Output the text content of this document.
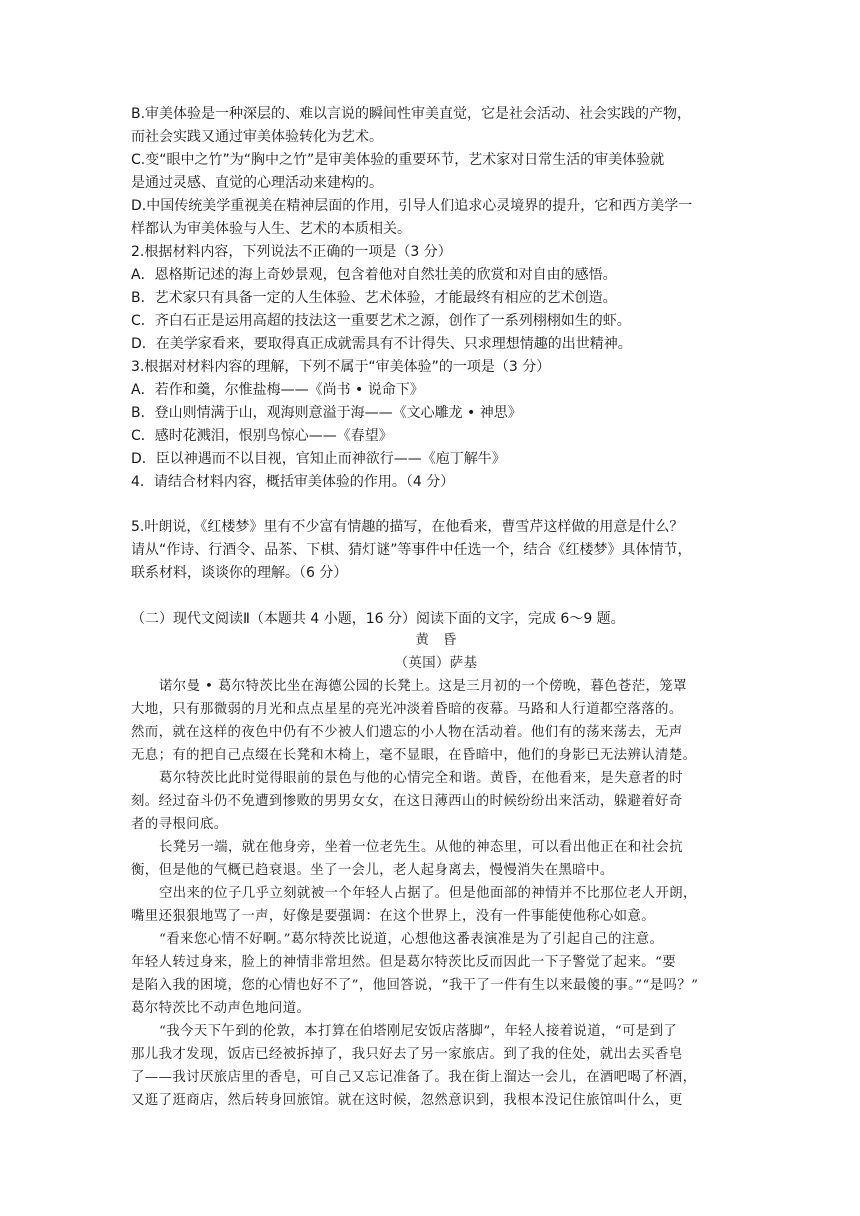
B.审美体验是一种深层的、难以言说的瞬间性审美直觉，它是社会活动、社会实践的产物，
而社会实践又通过审美体验转化为艺术。
C.变“眼中之竹”为“胸中之竹”是审美体验的重要环节，艺术家对日常生活的审美体验就
是通过灵感、直觉的心理活动来建构的。
D.中国传统美学重视美在精神层面的作用，引导人们追求心灵境界的提升，它和西方美学一
样都认为审美体验与人生、艺术的本质相关。
2.根据材料内容，下列说法不正确的一项是（3 分）
A．恩格斯记述的海上奇妙景观，包含着他对自然壮美的欣赏和对自由的感悟。
B．艺术家只有具备一定的人生体验、艺术体验，才能最终有相应的艺术创造。
C．齐白石正是运用高超的技法这一重要艺术之源，创作了一系列栩栩如生的虾。
D．在美学家看来，要取得真正成就需具有不计得失、只求理想情趣的出世精神。
3.根据对材料内容的理解，下列不属于“审美体验”的一项是（3 分）
A．若作和羹，尔惟盐梅——《尚书 • 说命下》
B．登山则情满于山，观海则意溢于海——《文心雕龙 • 神思》
C．感时花溅泪，恨别鸟惊心——《春望》
D．臣以神遇而不以目视，官知止而神欲行——《庖丁解牛》
4．请结合材料内容，概括审美体验的作用。（4 分）
5.叶朗说，《红楼梦》里有不少富有情趣的描写，在他看来，曹雪芹这样做的用意是什么？
请从“作诗、行酒令、品茶、下棋、猜灯谜”等事件中任选一个，结合《红楼梦》具体情节，
联系材料，谈谈你的理解。（6 分）
（二）现代文阅读Ⅱ（本题共 4 小题，16 分）阅读下面的文字，完成 6～9 题。
黄　昏
（英国）萨基
诺尔曼 • 葛尔特茨比坐在海德公园的长凳上。这是三月初的一个傍晚，暮色苍茫，笼罩
大地，只有那微弱的月光和点点星星的亮光冲淡着昏暗的夜幕。马路和人行道都空落落的。
然而，就在这样的夜色中仍有不少被人们遗忘的小人物在活动着。他们有的荡来荡去，无声
无息；有的把自己点缀在长凳和木椅上，毫不显眼，在昏暗中，他们的身影已无法辨认清楚。
葛尔特茨比此时觉得眼前的景色与他的心情完全和谐。黄昏，在他看来，是失意者的时
刻。经过奋斗仍不免遭到惨败的男男女女，在这日薄西山的时候纷纷出来活动，躲避着好奇
者的寻根问底。
长凳另一端，就在他身旁，坐着一位老先生。从他的神态里，可以看出他正在和社会抗
衡，但是他的气概已趋衰退。坐了一会儿，老人起身离去，慢慢消失在黑暗中。
空出来的位子几乎立刻就被一个年轻人占据了。但是他面部的神情并不比那位老人开朗，
嘴里还狠狠地骂了一声，好像是要强调：在这个世界上，没有一件事能使他称心如意。
“看来您心情不好啊。”葛尔特茨比说道，心想他这番表演准是为了引起自己的注意。
年轻人转过身来，脸上的神情非常坦然。但是葛尔特茨比反而因此一下子警觉了起来。“要
是陷入我的困境，您的心情也好不了”，他回答说，“我干了一件有生以来最傻的事。”“是吗？”
葛尔特茨比不动声色地问道。
“我今天下午到的伦敦，本打算在伯塔刚尼安饭店落脚”，年轻人接着说道，“可是到了
那儿我才发现，饭店已经被拆掉了，我只好去了另一家旅店。到了我的住处，就出去买香皂
了——我讨厌旅店里的香皂，可自己又忘记准备了。我在街上溜达一会儿，在酒吧喝了杯酒，
又逛了逛商店，然后转身回旅馆。就在这时候，忽然意识到，我根本没记住旅馆叫什么，更
